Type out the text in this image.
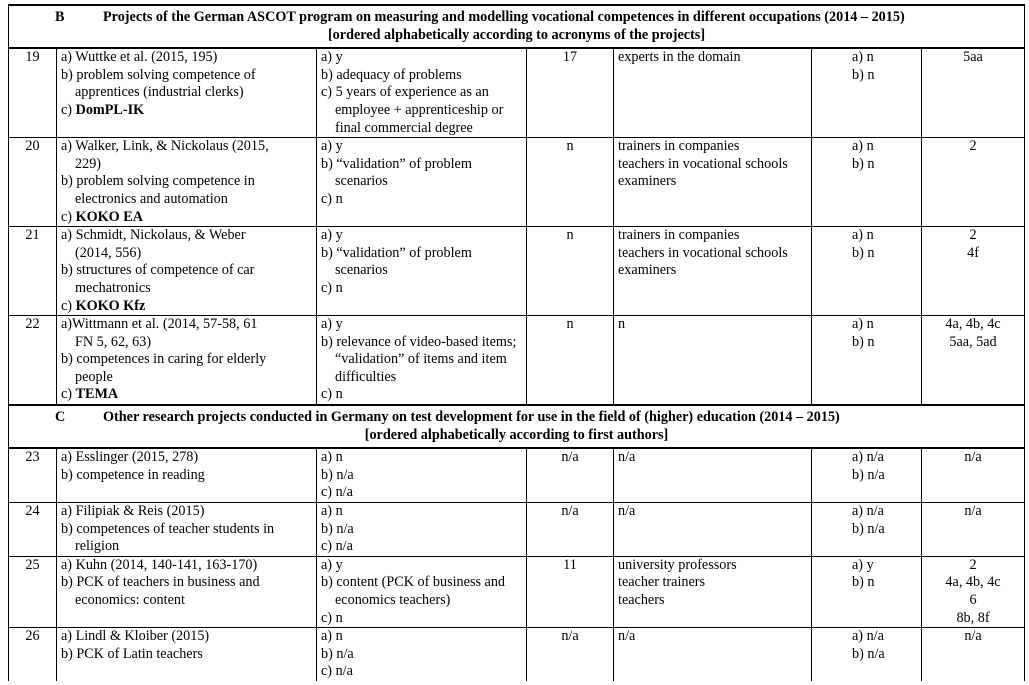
B Projects of the German ASCOT program on measuring and modelling vocational competences in different occupations (2014 – 2015)
[ordered alphabetically according to acronyms of the projects]						

19	a) Wuttke et al. (2015, 195)
b) problem solving competence of
apprentices (industrial clerks)
c) DomPL-IK	a) y
b) adequacy of problems
c) 5 years of experience as an
employee + apprenticeship or
final commercial degree	17	experts in the domain	a) n
b) n	5aa

20	a) Walker, Link, & Nickolaus (2015,
229)
b) problem solving competence in
electronics and automation
c) KOKO EA	a) y
b) “validation” of problem
scenarios
c) n	n	trainers in companies
teachers in vocational schools
examiners	a) n
b) n	2

21	a) Schmidt, Nickolaus, & Weber
(2014, 556)
b) structures of competence of car
mechatronics
c) KOKO Kfz	a) y
b) “validation” of problem
scenarios
c) n	n	trainers in companies
teachers in vocational schools
examiners	a) n
b) n	2
4f

22	a)Wittmann et al. (2014, 57-58, 61
FN 5, 62, 63)
b) competences in caring for elderly
people
c) TEMA	a) y
b) relevance of video-based items;
“validation” of items and item
difficulties
c) n	n	n	a) n
b) n	4a, 4b, 4c
5aa, 5ad

C Other research projects conducted in Germany on test development for use in the field of (higher) education (2014 – 2015)
[ordered alphabetically according to first authors]						

23	a) Esslinger (2015, 278)
b) competence in reading	a) n
b) n/a
c) n/a	n/a	n/a	a) n/a
b) n/a	n/a

24	a) Filipiak & Reis (2015)
b) competences of teacher students in
religion	a) n
b) n/a
c) n/a	n/a	n/a	a) n/a
b) n/a	n/a

25	a) Kuhn (2014, 140-141, 163-170)
b) PCK of teachers in business and
economics: content	a) y
b) content (PCK of business and
economics teachers)
c) n	11	university professors
teacher trainers
teachers	a) y
b) n	2
4a, 4b, 4c
6
8b, 8f

26	a) Lindl & Kloiber (2015)
b) PCK of Latin teachers	a) n
b) n/a
c) n/a	n/a	n/a	a) n/a
b) n/a	n/a
